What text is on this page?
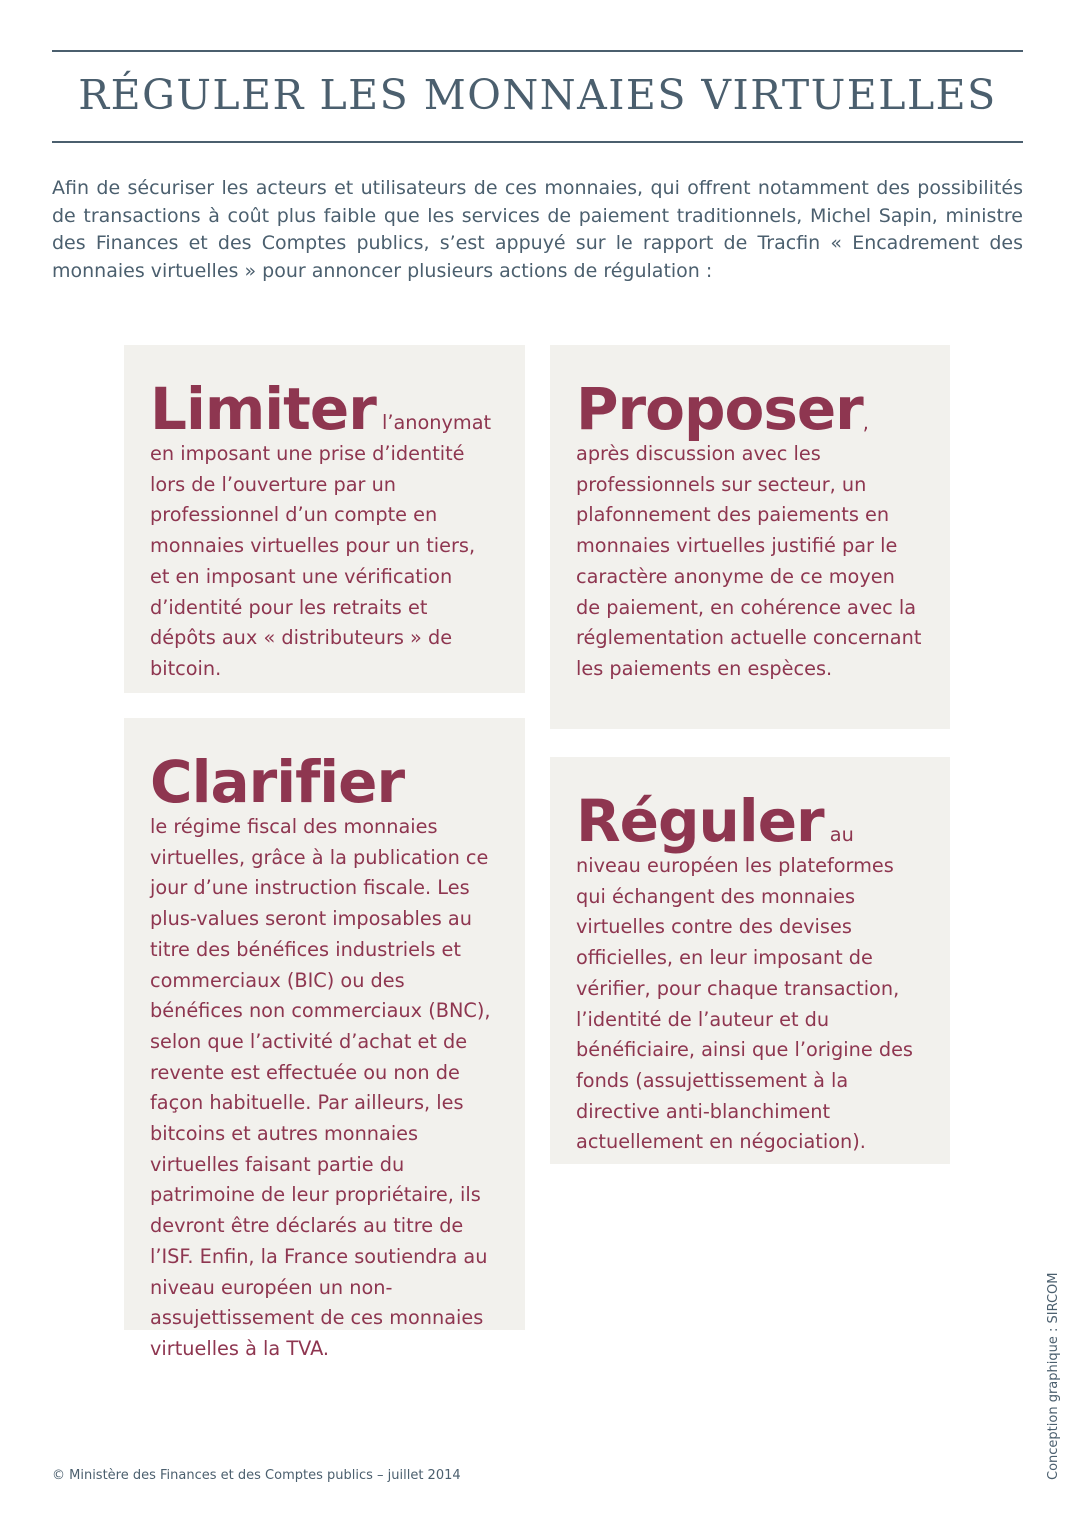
RÉGULER LES MONNAIES VIRTUELLES

Afin de sécuriser les acteurs et utilisateurs de ces monnaies, qui offrent notamment des possibilités de transactions à coût plus faible que les services de paiement traditionnels, Michel Sapin, ministre des Finances et des Comptes publics, s’est appuyé sur le rapport de Tracfin « Encadrement des monnaies virtuelles » pour annoncer plusieurs actions de régulation :

Limiter l’anonymat en imposant une prise d’identité lors de l’ouverture par un professionnel d’un compte en monnaies virtuelles pour un tiers, et en imposant une vérification d’identité pour les retraits et dépôts aux « distributeurs » de bitcoin.

Proposer, après discussion avec les professionnels sur secteur, un plafonnement des paiements en monnaies virtuelles justifié par le caractère anonyme de ce moyen de paiement, en cohérence avec la réglementation actuelle concernant les paiements en espèces.

Clarifier
le régime fiscal des monnaies virtuelles, grâce à la publication ce jour d’une instruction fiscale. Les plus-values seront imposables au titre des bénéfices industriels et commerciaux (BIC) ou des bénéfices non commerciaux (BNC), selon que l’activité d’achat et de revente est effectuée ou non de façon habituelle. Par ailleurs, les bitcoins et autres monnaies virtuelles faisant partie du patrimoine de leur propriétaire, ils devront être déclarés au titre de l’ISF. Enfin, la France soutiendra au niveau européen un non-assujettissement de ces monnaies virtuelles à la TVA.

Réguler au niveau européen les plateformes qui échangent des monnaies virtuelles contre des devises officielles, en leur imposant de vérifier, pour chaque transaction, l’identité de l’auteur et du bénéficiaire, ainsi que l’origine des fonds (assujettissement à la directive anti-blanchiment actuellement en négociation).

© Ministère des Finances et des Comptes publics – juillet 2014	Conception graphique : SIRCOM
